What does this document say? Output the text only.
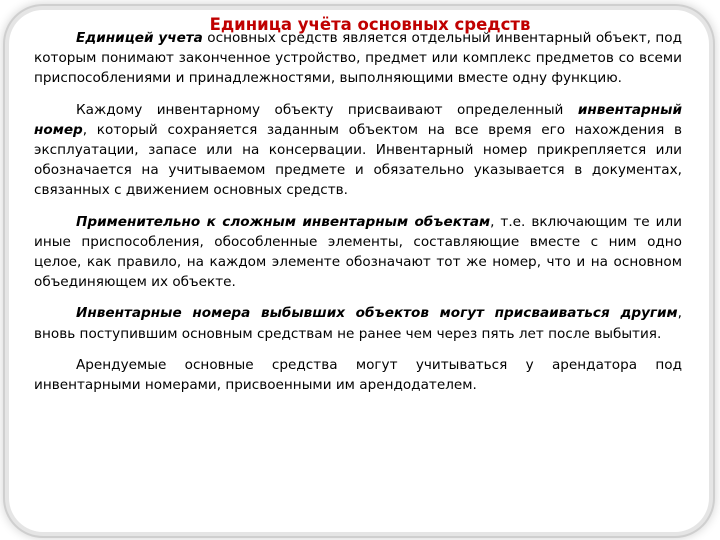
Единица учёта основных средств

Единицей учета основных средств является отдельный инвентарный объект, под которым понимают законченное устройство, предмет или комплекс предметов со всеми приспособлениями и принадлежностями, выполняющими вместе одну функцию.

Каждому инвентарному объекту присваивают определенный инвентарный номер, который сохраняется заданным объектом на все время его нахождения в эксплуатации, запасе или на консервации. Инвентарный номер прикрепляется или обозначается на учитываемом предмете и обязательно указывается в документах, связанных с движением основных средств.

Применительно к сложным инвентарным объектам, т.е. включающим те или иные приспособления, обособленные элементы, составляющие вместе с ним одно целое, как правило, на каждом элементе обозначают тот же номер, что и на основном объединяющем их объекте.

Инвентарные номера выбывших объектов могут присваиваться другим, вновь поступившим основным средствам не ранее чем через пять лет после выбытия.

Арендуемые основные средства могут учитываться у арендатора под инвентарными номерами, присвоенными им арендодателем.
